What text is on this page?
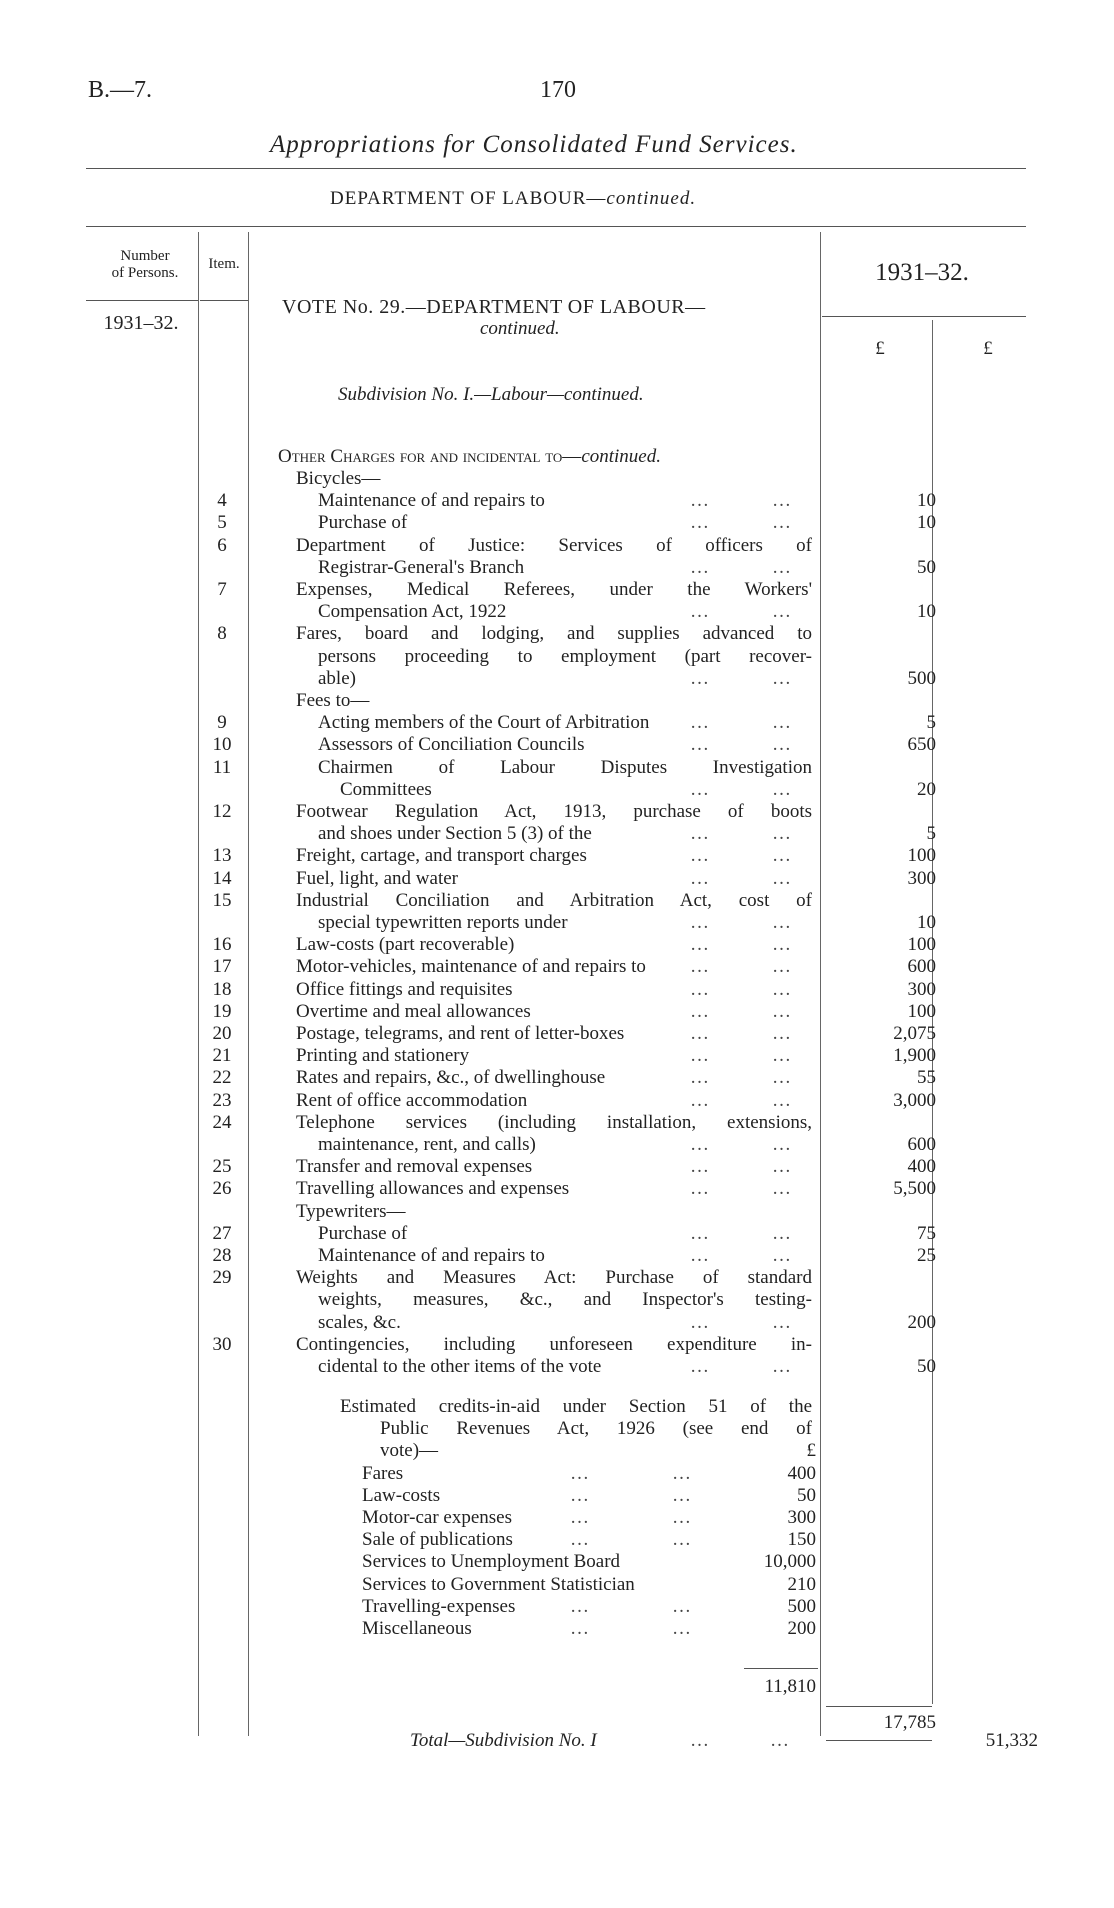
B.—7.	170
Appropriations for Consolidated Fund Services.
DEPARTMENT OF LABOUR—continued.
Number
of Persons.
Item.
1931–32.
VOTE No. 29.—DEPARTMENT OF LABOUR—
continued.
1931–32.
£	£
Subdivision No. I.—Labour—continued.
Other Charges for and incidental to—continued.
Bicycles—
4	Maintenance of and repairs to	…	…	10
5	Purchase of	…	…	10
6	Department of Justice: Services of officers of
Registrar-General's Branch	…	…	50
7	Expenses, Medical Referees, under the Workers'
Compensation Act, 1922	…	…	10
8	Fares, board and lodging, and supplies advanced to
persons proceeding to employment (part recover-
able)	…	…	500
Fees to—
9	Acting members of the Court of Arbitration …	…	5
10	Assessors of Conciliation Councils	…	…	650
11	Chairmen of Labour Disputes Investigation
Committees	…	…	20
12	Footwear Regulation Act, 1913, purchase of boots
and shoes under Section 5 (3) of the	…	…	5
13	Freight, cartage, and transport charges	…	…	100
14	Fuel, light, and water	…	…	300
15	Industrial Conciliation and Arbitration Act, cost of
special typewritten reports under	…	…	10
16	Law-costs (part recoverable)	…	…	100
17	Motor-vehicles, maintenance of and repairs to …	…	600
18	Office fittings and requisites	…	…	300
19	Overtime and meal allowances	…	…	100
20	Postage, telegrams, and rent of letter-boxes	…	…	2,075
21	Printing and stationery	…	…	1,900
22	Rates and repairs, &c., of dwellinghouse	…	…	55
23	Rent of office accommodation	…	…	3,000
24	Telephone services (including installation, extensions,
maintenance, rent, and calls)	…	…	600
25	Transfer and removal expenses	…	…	400
26	Travelling allowances and expenses	…	…	5,500
Typewriters—
27	Purchase of	…	…	75
28	Maintenance of and repairs to	…	…	25
29	Weights and Measures Act: Purchase of standard
weights, measures, &c., and Inspector's testing-
scales, &c.	…	…	200
30	Contingencies, including unforeseen expenditure in-
cidental to the other items of the vote	…	…	50
Estimated credits-in-aid under Section 51 of the
Public Revenues Act, 1926 (see end of
vote)—	£
Fares	…	…	400
Law-costs	…	…	50
Motor-car expenses	…	…	300
Sale of publications	…	…	150
Services to Unemployment Board	10,000
Services to Government Statistician	210
Travelling-expenses	…	…	500
Miscellaneous	…	…	200
11,810
17,785
Total—Subdivision No. I	…	…	51,332
